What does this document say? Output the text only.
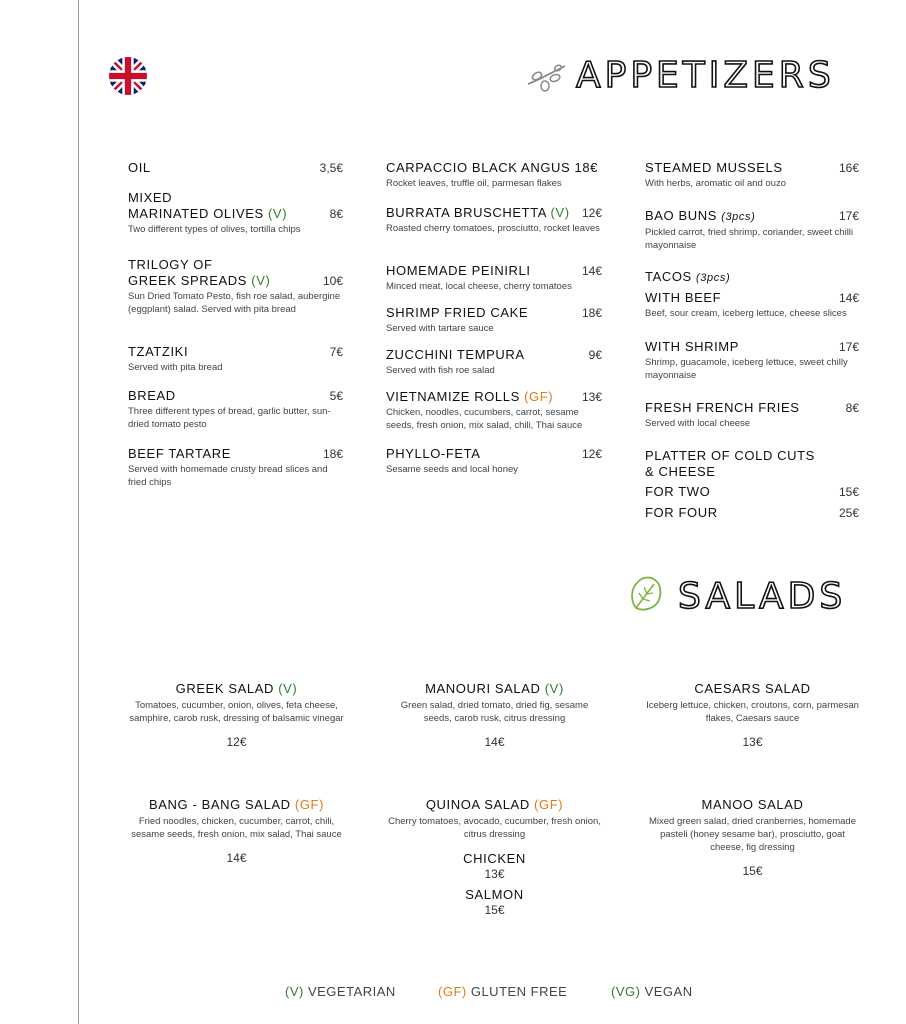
APPETIZERS
OIL	3,5€
MIXED
MARINATED OLIVES (V)	8€
Two different types of olives, tortilla chips
TRILOGY OF
GREEK SPREADS (V)	10€
Sun Dried Tomato Pesto, fish roe salad, aubergine (eggplant) salad. Served with pita bread
TZATZIKI	7€
Served with pita bread
BREAD	5€
Three different types of bread, garlic butter, sun-dried tomato pesto
BEEF TARTARE	18€
Served with homemade crusty bread slices and fried chips
CARPACCIO BLACK ANGUS 18€
Rocket leaves, truffle oil, parmesan flakes
BURRATA BRUSCHETTA (V) 12€
Roasted cherry tomatoes, prosciutto, rocket leaves
HOMEMADE PEINIRLI	14€
Minced meat, local cheese, cherry tomatoes
SHRIMP FRIED CAKE	18€
Served with tartare sauce
ZUCCHINI TEMPURA	9€
Served with fish roe salad
VIETNAMIZE ROLLS (GF) 13€
Chicken, noodles, cucumbers, carrot, sesame seeds, fresh onion, mix salad, chili, Thai sauce
PHYLLO-FETA	12€
Sesame seeds and local honey
STEAMED MUSSELS	16€
With herbs, aromatic oil and ouzo
BAO BUNS (3pcs)	17€
Pickled carrot, fried shrimp, coriander, sweet chilli mayonnaise
TACOS (3pcs)
WITH BEEF	14€
Beef, sour cream, iceberg lettuce, cheese slices
WITH SHRIMP	17€
Shrimp, guacamole, iceberg lettuce, sweet chilly mayonnaise
FRESH FRENCH FRIES	8€
Served with local cheese
PLATTER OF COLD CUTS
& CHEESE
FOR TWO	15€
FOR FOUR	25€
SALADS
GREEK SALAD (V)
Tomatoes, cucumber, onion, olives, feta cheese, samphire, carob rusk, dressing of balsamic vinegar
12€
MANOURI SALAD (V)
Green salad, dried tomato, dried fig, sesame seeds, carob rusk, citrus dressing
14€
CAESARS SALAD
Iceberg lettuce, chicken, croutons, corn, parmesan flakes, Caesars sauce
13€
BANG - BANG SALAD (GF)
Fried noodles, chicken, cucumber, carrot, chili, sesame seeds, fresh onion, mix salad, Thai sauce
14€
QUINOA SALAD (GF)
Cherry tomatoes, avocado, cucumber, fresh onion, citrus dressing
CHICKEN
13€
SALMON
15€
MANOO SALAD
Mixed green salad, dried cranberries, homemade pasteli (honey sesame bar), prosciutto, goat cheese, fig dressing
15€
(V) VEGETARIAN	(GF) GLUTEN FREE	(VG) VEGAN
